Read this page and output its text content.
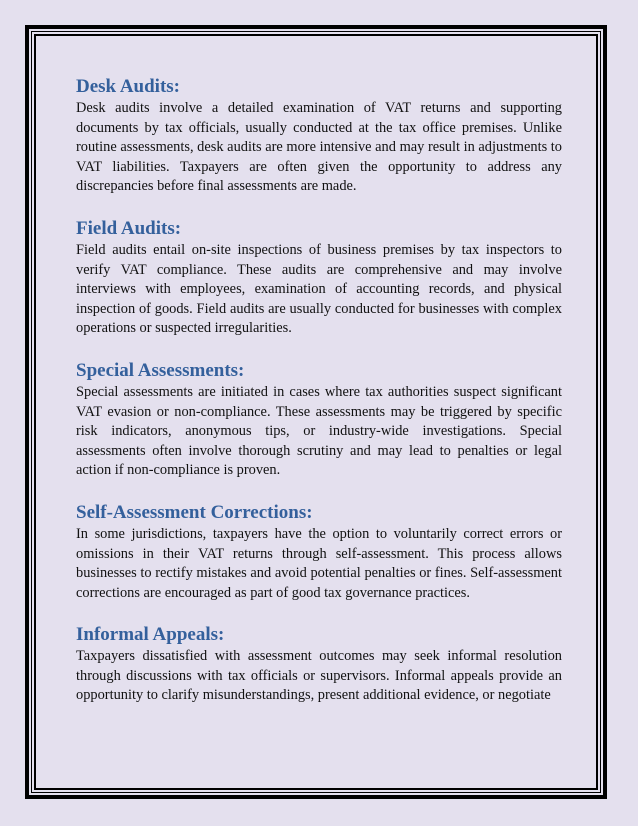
Desk Audits:

Desk audits involve a detailed examination of VAT returns and supporting documents by tax officials, usually conducted at the tax office premises. Unlike routine assessments, desk audits are more intensive and may result in adjustments to VAT liabilities. Taxpayers are often given the opportunity to address any discrepancies before final assessments are made.

Field Audits:

Field audits entail on-site inspections of business premises by tax inspectors to verify VAT compliance. These audits are comprehensive and may involve interviews with employees, examination of accounting records, and physical inspection of goods. Field audits are usually conducted for businesses with complex operations or suspected irregularities.

Special Assessments:

Special assessments are initiated in cases where tax authorities suspect significant VAT evasion or non-compliance. These assessments may be triggered by specific risk indicators, anonymous tips, or industry-wide investigations. Special assessments often involve thorough scrutiny and may lead to penalties or legal action if non-compliance is proven.

Self-Assessment Corrections:

In some jurisdictions, taxpayers have the option to voluntarily correct errors or omissions in their VAT returns through self-assessment. This process allows businesses to rectify mistakes and avoid potential penalties or fines. Self-assessment corrections are encouraged as part of good tax governance practices.

Informal Appeals:

Taxpayers dissatisfied with assessment outcomes may seek informal resolution through discussions with tax officials or supervisors. Informal appeals provide an opportunity to clarify misunderstandings, present additional evidence, or negotiate
